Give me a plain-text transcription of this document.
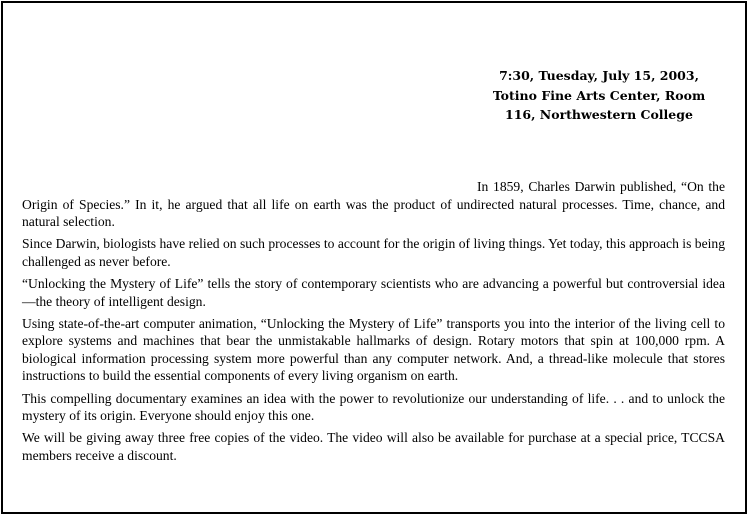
7:30, Tuesday, July 15, 2003,
Totino Fine Arts Center, Room
116, Northwestern College

In 1859, Charles Darwin published, “On the Origin of Species.” In it, he argued that all life on earth was the product of undirected natural processes. Time, chance, and natural selection.

Since Darwin, biologists have relied on such processes to account for the origin of living things. Yet today, this approach is being challenged as never before.

“Unlocking the Mystery of Life” tells the story of contemporary scientists who are advancing a powerful but controversial idea—the theory of intelligent design.

Using state-of-the-art computer animation, “Unlocking the Mystery of Life” transports you into the interior of the living cell to explore systems and machines that bear the unmistakable hallmarks of design. Rotary motors that spin at 100,000 rpm. A biological information processing system more powerful than any computer network. And, a thread-like molecule that stores instructions to build the essential components of every living organism on earth.

This compelling documentary examines an idea with the power to revolutionize our understanding of life. . . and to unlock the mystery of its origin. Everyone should enjoy this one.

We will be giving away three free copies of the video. The video will also be available for purchase at a special price, TCCSA members receive a discount.
